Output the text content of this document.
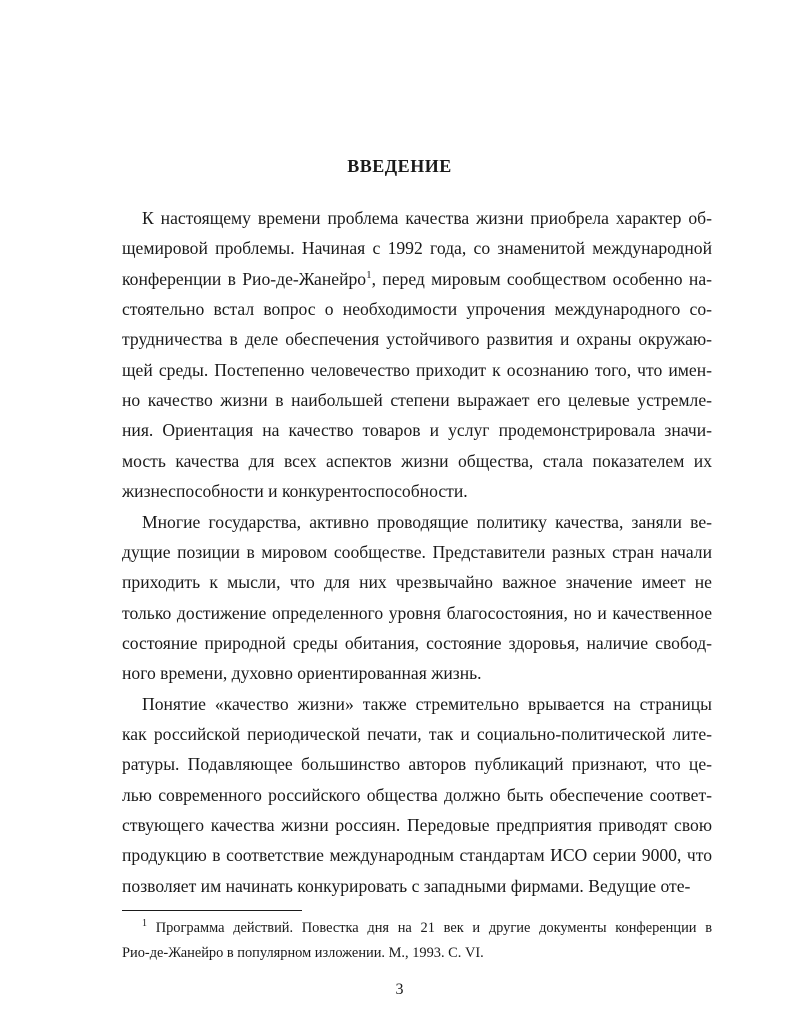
ВВЕДЕНИЕ
К настоящему времени проблема качества жизни приобрела характер об-
щемировой проблемы. Начиная с 1992 года, со знаменитой международной
конференции в Рио-де-Жанейро$^1$, перед мировым сообществом особенно на-
стоятельно встал вопрос о необходимости упрочения международного со-
трудничества в деле обеспечения устойчивого развития и охраны окружаю-
щей среды. Постепенно человечество приходит к осознанию того, что имен-
но качество жизни в наибольшей степени выражает его целевые устремле-
ния. Ориентация на качество товаров и услуг продемонстрировала значи-
мость качества для всех аспектов жизни общества, стала показателем их
жизнеспособности и конкурентоспособности.
Многие государства, активно проводящие политику качества, заняли ве-
дущие позиции в мировом сообществе. Представители разных стран начали
приходить к мысли, что для них чрезвычайно важное значение имеет не
только достижение определенного уровня благосостояния, но и качественное
состояние природной среды обитания, состояние здоровья, наличие свобод-
ного времени, духовно ориентированная жизнь.
Понятие «качество жизни» также стремительно врывается на страницы
как российской периодической печати, так и социально-политической лите-
ратуры. Подавляющее большинство авторов публикаций признают, что це-
лью современного российского общества должно быть обеспечение соответ-
ствующего качества жизни россиян. Передовые предприятия приводят свою
продукцию в соответствие международным стандартам ИСО серии 9000, что
позволяет им начинать конкурировать с западными фирмами. Ведущие оте-
$^1$ Программа действий. Повестка дня на 21 век и другие документы конференции в
Рио-де-Жанейро в популярном изложении. М., 1993. С. VI.
3
